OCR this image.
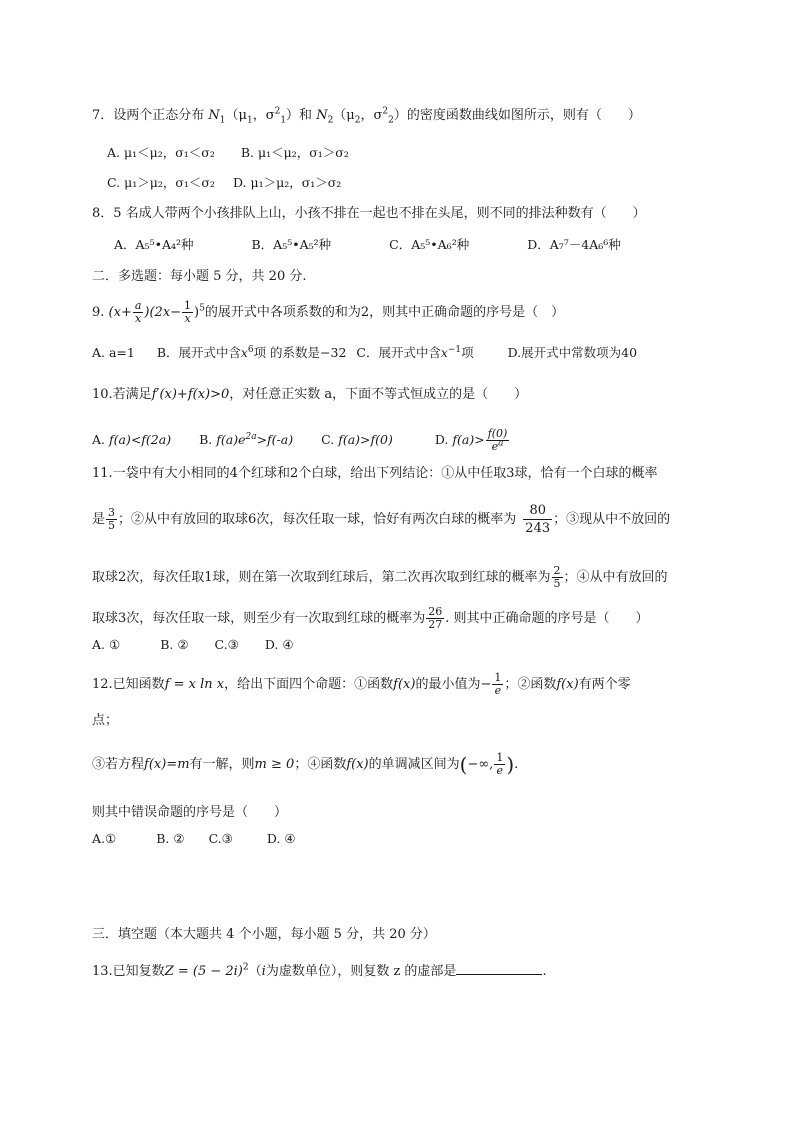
7．设两个正态分布 $N_1(\mu_1$，$\sigma^2_1$）和 $N_2(\mu_2$，$\sigma^2_2$）的密度函数曲线如图所示，则有（　　）
A. μ₁＜μ₂，σ₁＜σ₂ B. μ₁＜μ₂，σ₁＞σ₂
C. μ₁＞μ₂，σ₁＜σ₂ D. μ₁＞μ₂，σ₁＞σ₂
8．5 名成人带两个小孩排队上山，小孩不排在一起也不排在头尾，则不同的排法种数有（　　）
A．A₅⁵•A₄²种	B．A₅⁵•A₅²种	C．A₅⁵•A₆²种	D．A₇⁷－4A₆⁶种
二．多选题：每小题 5 分，共 20 分.
9. $(x+ \frac{a}{x} )(2x- \frac{1}{x} )^5$的展开式中各项系数的和为2，则其中正确命题的序号是（　）
A. a=1 B．展开式中含$x^6$项 的系数是−32 C．展开式中含$x^{-1}$项	D.展开式中常数项为40
10.若满足f′(x)+f(x)>0，对任意正实数 a，下面不等式恒成立的是（　　）
A. f(a)<f(2a) B. $f(a)e^{2a}>f(-a)$ C. f(a)>f(0)	D. $f(a)> \frac{f(0)}{e^a}$
11.一袋中有大小相同的4个红球和2个白球，给出下列结论：①从中任取3球，恰有一个白球的概率
是 $\frac{3}{5}$ ；②从中有放回的取球6次，每次任取一球，恰好有两次白球的概率为 $\frac{80}{243}$ ；③现从中不放回的
取球2次，每次任取1球，则在第一次取到红球后，第二次再次取到红球的概率为 $\frac{2}{5}$ ；④从中有放回的
取球3次，每次任取一球，则至少有一次取到红球的概率为 $\frac{26}{27}$ . 则其中正确命题的序号是（　　）
A. ①	B. ② C.③ D. ④
12.已知函数f = x ln x，给出下面四个命题：①函数f(x)的最小值为− $\frac{1}{e}$ ；②函数f(x)有两个零
点；
③若方程f(x)=m有一解，则m ≥ 0；④函数f(x)的单调减区间为(−∞, $\frac{1}{e}$ ).
则其中错误命题的序号是（　　）
A.①	B. ② C.③	D. ④
三．填空题（本大题共 4 个小题，每小题 5 分，共 20 分）
13.已知复数$Z = (5 - 2i)^2(i$为虚数单位），则复数 z 的虚部是	.
